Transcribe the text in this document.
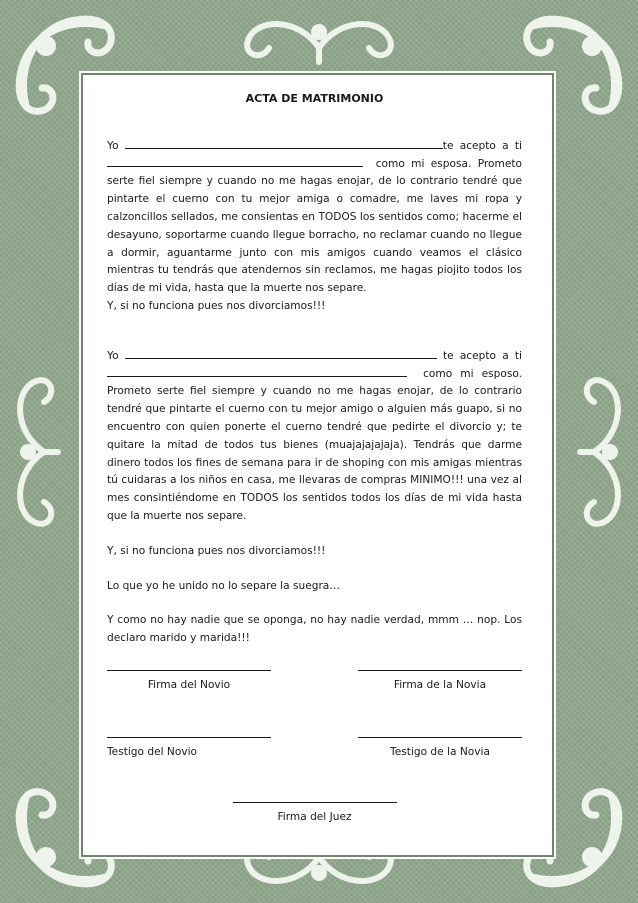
ACTA DE MATRIMONIO

Yo	te acepto a ti   como mi esposa. Prometo serte fiel siempre y cuando no me hagas enojar, de lo contrario tendré que pintarte el cuerno con tu mejor amiga o comadre, me laves mi ropa y calzoncillos sellados, me consientas en TODOS los sentidos como; hacerme el desayuno, soportarme cuando llegue borracho, no reclamar cuando no llegue a dormir, aguantarme junto con mis amigos cuando veamos el clásico mientras tu tendrás que atendernos sin reclamos, me hagas piojito todos los días de mi vida, hasta que la muerte nos separe.
Y, si no funciona pues nos divorciamos!!!

Yo	te acepto a ti   como mi esposo. Prometo serte fiel siempre y cuando no me hagas enojar, de lo contrario tendré que pintarte el cuerno con tu mejor amigo o alguien más guapo, si no encuentro con quien ponerte el cuerno tendré que pedirte el divorcio y; te quitare la mitad de todos tus bienes (muajajajajaja). Tendrás que darme dinero todos los fines de semana para ir de shoping con mis amigas mientras tú cuidaras a los niños en casa, me llevaras de compras MINIMO!!! una vez al mes consintiéndome en TODOS los sentidos todos los días de mi vida hasta que la muerte nos separe.

Y, si no funciona pues nos divorciamos!!!

Lo que yo he unido no lo separe la suegra…

Y como no hay nadie que se oponga, no hay nadie verdad, mmm … nop. Los declaro marido y marida!!!

Firma del Novio	Firma de la Novia
Testigo del Novio	Testigo de la Novia
Firma del Juez
